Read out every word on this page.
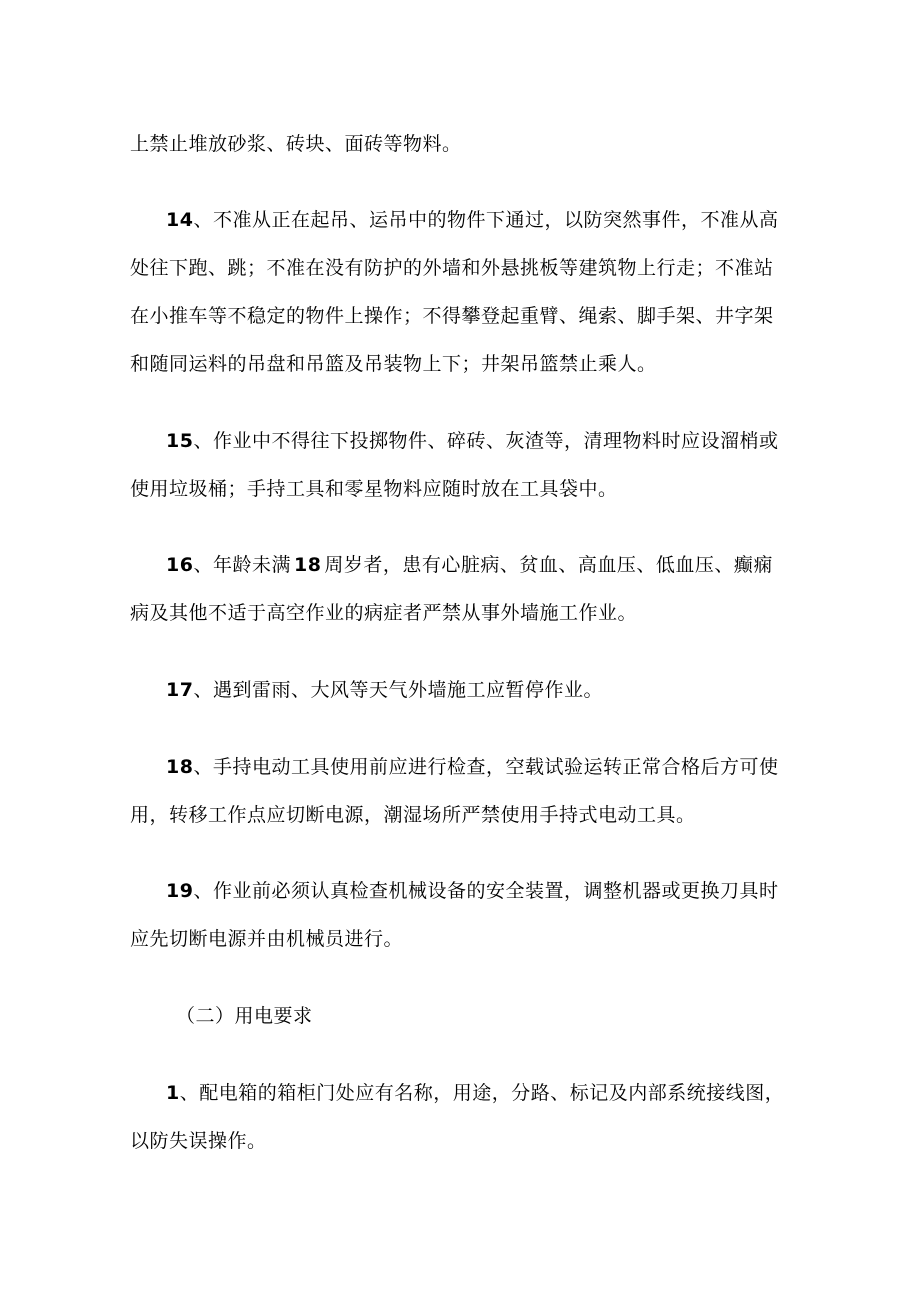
上禁止堆放砂浆、砖块、面砖等物料。
14、不准从正在起吊、运吊中的物件下通过，以防突然事件，不准从高
处往下跑、跳；不准在没有防护的外墙和外悬挑板等建筑物上行走；不准站
在小推车等不稳定的物件上操作；不得攀登起重臂、绳索、脚手架、井字架
和随同运料的吊盘和吊篮及吊装物上下；井架吊篮禁止乘人。
15、作业中不得往下投掷物件、碎砖、灰渣等，清理物料时应设溜梢或
使用垃圾桶；手持工具和零星物料应随时放在工具袋中。
16、年龄未满 18 周岁者，患有心脏病、贫血、高血压、低血压、癫痫
病及其他不适于高空作业的病症者严禁从事外墙施工作业。
17、遇到雷雨、大风等天气外墙施工应暂停作业。
18、手持电动工具使用前应进行检查，空载试验运转正常合格后方可使
用，转移工作点应切断电源，潮湿场所严禁使用手持式电动工具。
19、作业前必须认真检查机械设备的安全装置，调整机器或更换刀具时
应先切断电源并由机械员进行。
（二）用电要求
1、配电箱的箱柜门处应有名称，用途，分路、标记及内部系统接线图，
以防失误操作。
